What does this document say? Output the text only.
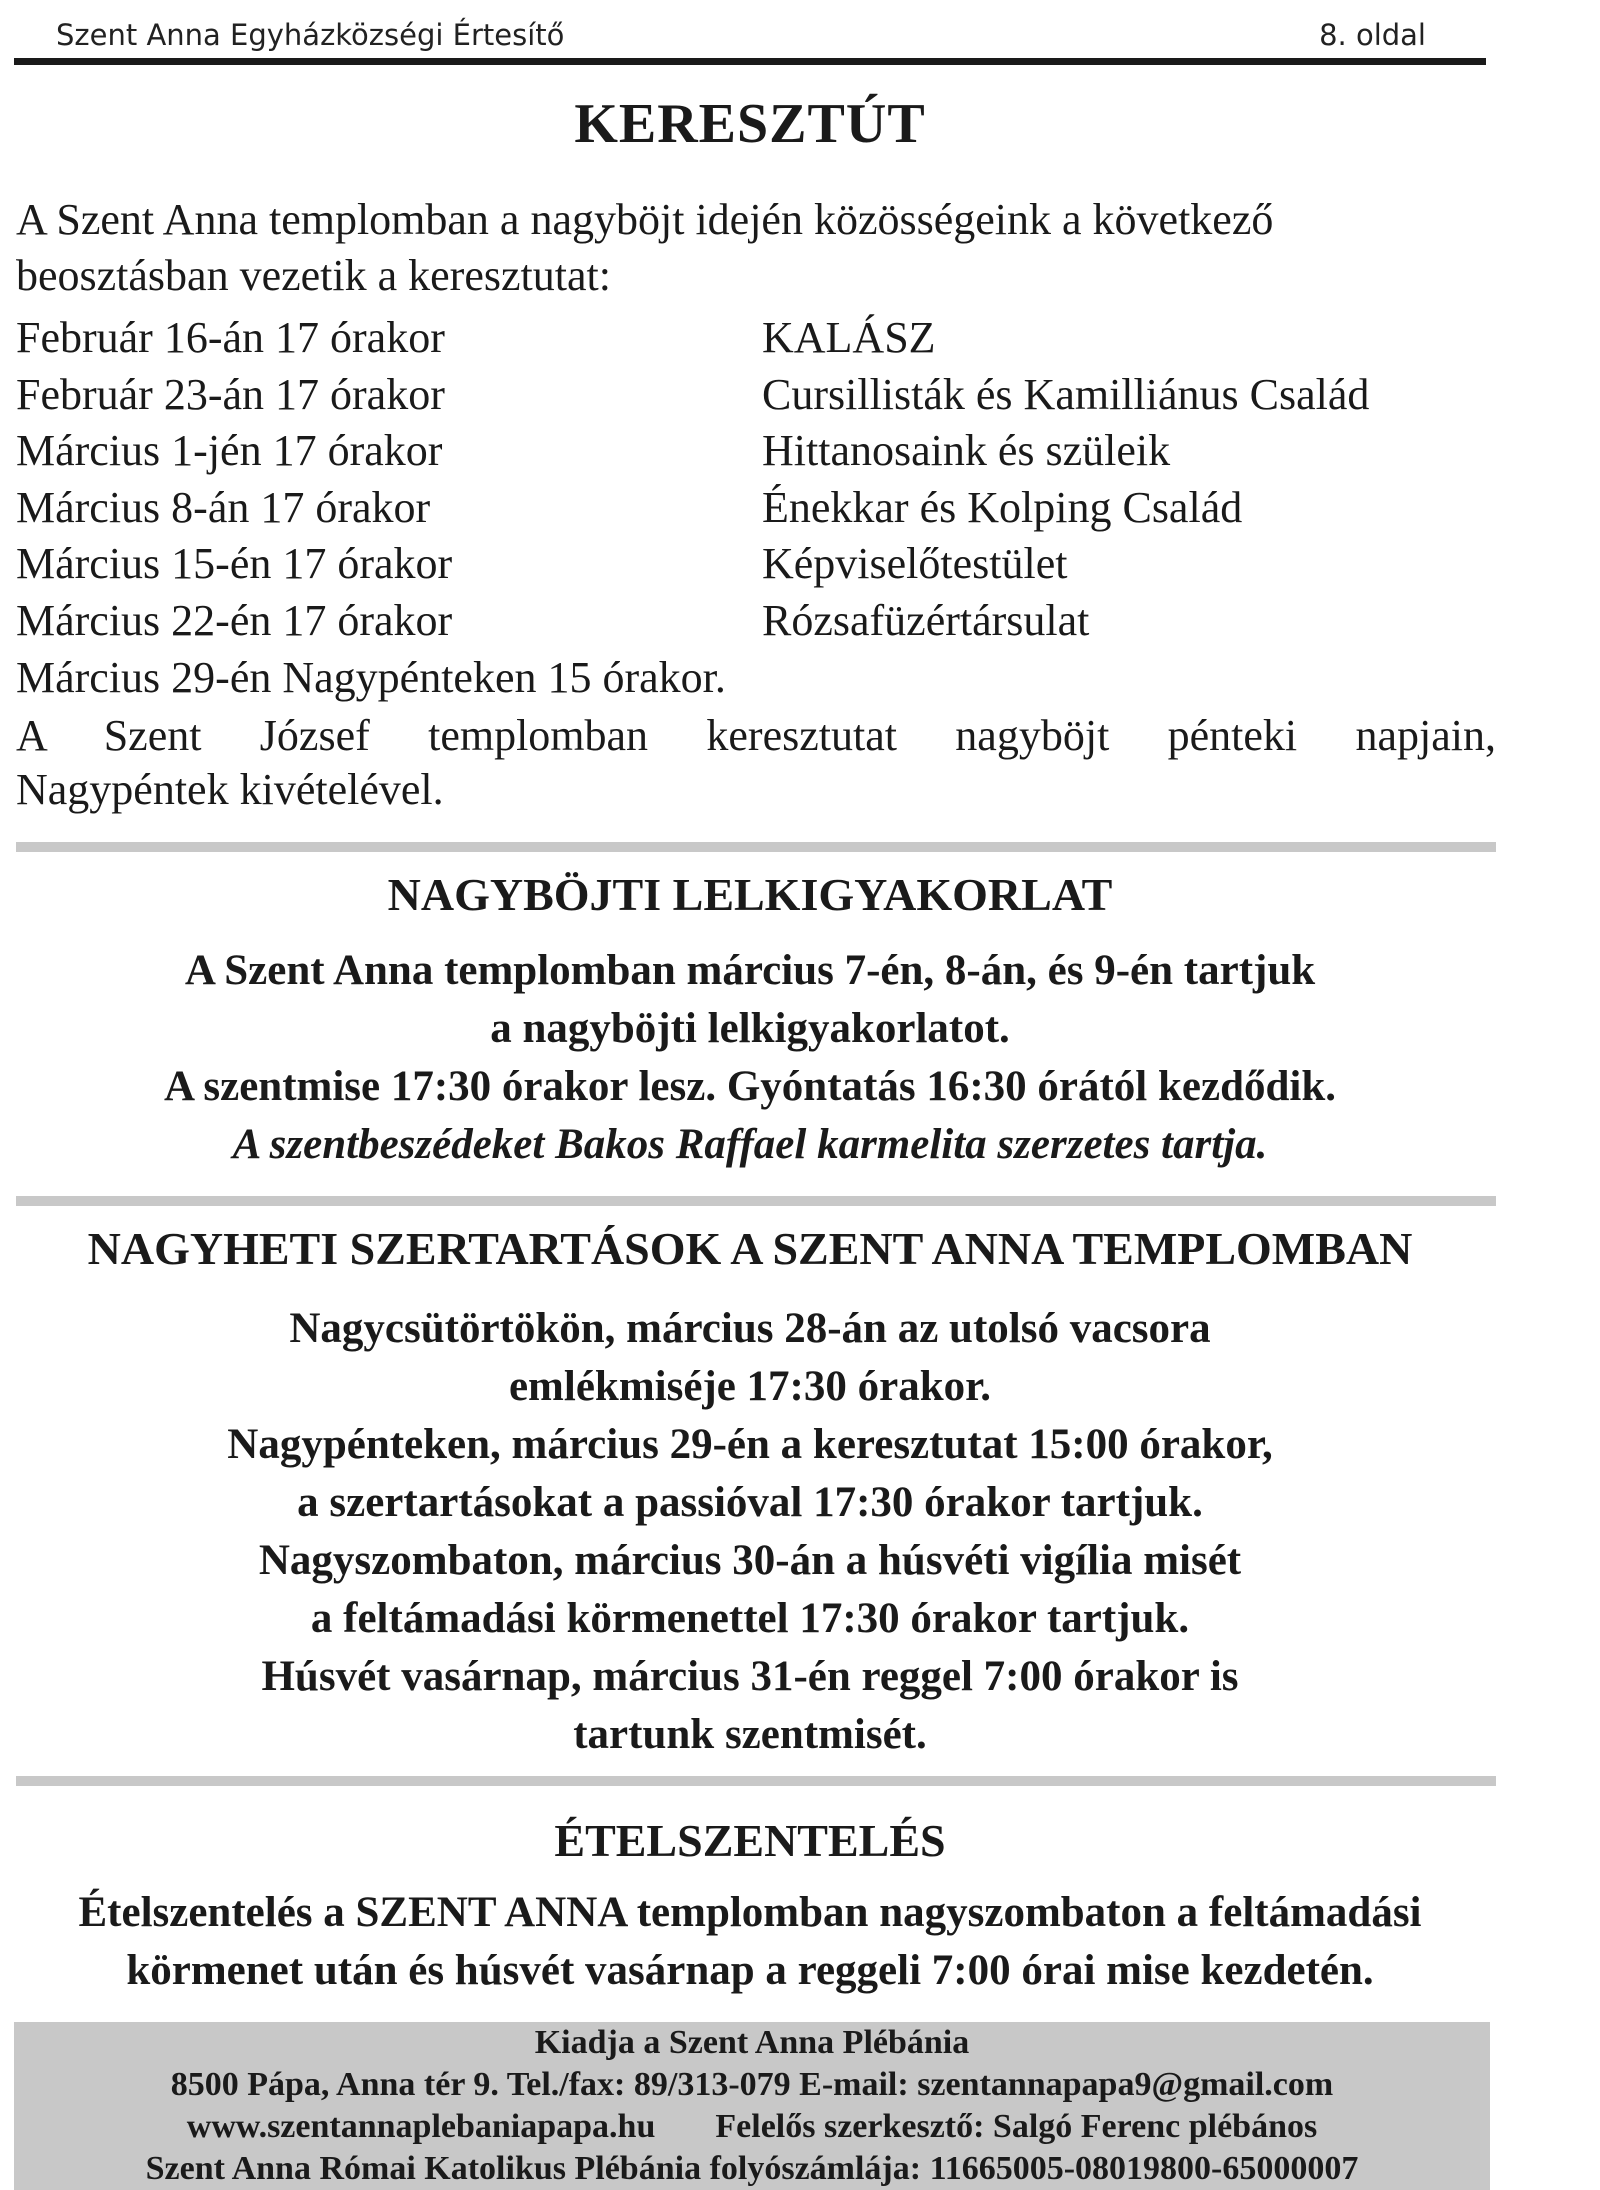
Szent Anna Egyházközségi Értesítő	8. oldal
KERESZTÚT
A Szent Anna templomban a nagyböjt idején közösségeink a következő beosztásban vezetik a keresztutat:
Február 16-án 17 órakor	KALÁSZ
Február 23-án 17 órakor	Cursillisták és Kamilliánus Család
Március 1-jén 17 órakor	Hittanosaink és szüleik
Március 8-án 17 órakor	Énekkar és Kolping Család
Március 15-én 17 órakor	Képviselőtestület
Március 22-én 17 órakor	Rózsafüzértársulat
Március 29-én Nagypénteken 15 órakor.
A Szent József templomban keresztutat nagyböjt pénteki napjain,
Nagypéntek kivételével.
NAGYBÖJTI LELKIGYAKORLAT
A Szent Anna templomban március 7-én, 8-án, és 9-én tartjuk
a nagyböjti lelkigyakorlatot.
A szentmise 17:30 órakor lesz. Gyóntatás 16:30 órától kezdődik.
A szentbeszédeket Bakos Raffael karmelita szerzetes tartja.
NAGYHETI SZERTARTÁSOK A SZENT ANNA TEMPLOMBAN
Nagycsütörtökön, március 28-án az utolsó vacsora
emlékmiséje 17:30 órakor.
Nagypénteken, március 29-én a keresztutat 15:00 órakor,
a szertartásokat a passióval 17:30 órakor tartjuk.
Nagyszombaton, március 30-án a húsvéti vigília misét
a feltámadási körmenettel 17:30 órakor tartjuk.
Húsvét vasárnap, március 31-én reggel 7:00 órakor is
tartunk szentmisét.
ÉTELSZENTELÉS
Ételszentelés a SZENT ANNA templomban nagyszombaton a feltámadási
körmenet után és húsvét vasárnap a reggeli 7:00 órai mise kezdetén.
Kiadja a Szent Anna Plébánia
8500 Pápa, Anna tér 9. Tel./fax: 89/313-079 E-mail: szentannapapa9@gmail.com
www.szentannaplebaniapapa.hu Felelős szerkesztő: Salgó Ferenc plébános
Szent Anna Római Katolikus Plébánia folyószámlája: 11665005-08019800-65000007
